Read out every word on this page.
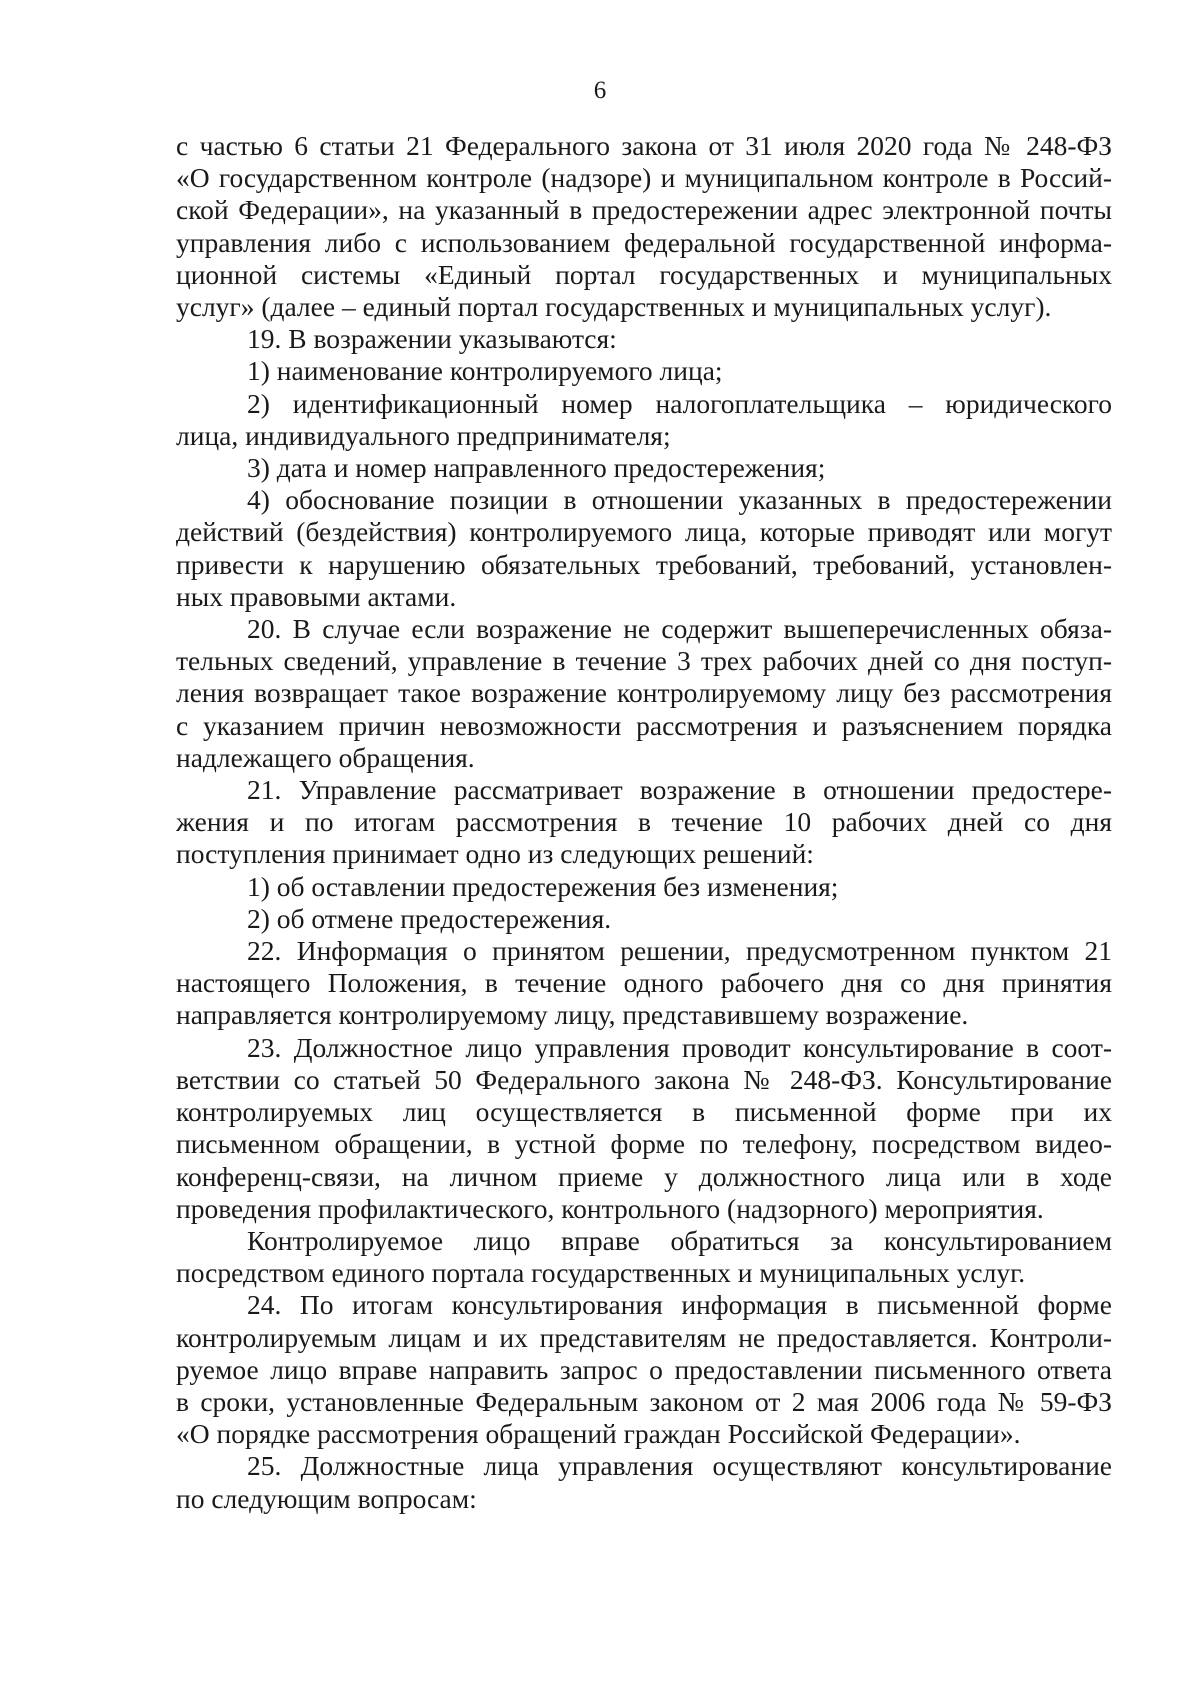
6
с частью 6 статьи 21 Федерального закона от 31 июля 2020 года № 248-ФЗ
«О государственном контроле (надзоре) и муниципальном контроле в Россий-
ской Федерации», на указанный в предостережении адрес электронной почты
управления либо с использованием федеральной государственной информа-
ционной системы «Единый портал государственных и муниципальных
услуг» (далее – единый портал государственных и муниципальных услуг).
19. В возражении указываются:
1) наименование контролируемого лица;
2) идентификационный номер налогоплательщика – юридического
лица, индивидуального предпринимателя;
3) дата и номер направленного предостережения;
4) обоснование позиции в отношении указанных в предостережении
действий (бездействия) контролируемого лица, которые приводят или могут
привести к нарушению обязательных требований, требований, установлен-
ных правовыми актами.
20. В случае если возражение не содержит вышеперечисленных обяза-
тельных сведений, управление в течение 3 трех рабочих дней со дня поступ-
ления возвращает такое возражение контролируемому лицу без рассмотрения
с указанием причин невозможности рассмотрения и разъяснением порядка
надлежащего обращения.
21. Управление рассматривает возражение в отношении предостере-
жения и по итогам рассмотрения в течение 10 рабочих дней со дня
поступления принимает одно из следующих решений:
1) об оставлении предостережения без изменения;
2) об отмене предостережения.
22. Информация о принятом решении, предусмотренном пунктом 21
настоящего Положения, в течение одного рабочего дня со дня принятия
направляется контролируемому лицу, представившему возражение.
23. Должностное лицо управления проводит консультирование в соот-
ветствии со статьей 50 Федерального закона № 248-ФЗ. Консультирование
контролируемых лиц осуществляется в письменной форме при их
письменном обращении, в устной форме по телефону, посредством видео-
конференц-связи, на личном приеме у должностного лица или в ходе
проведения профилактического, контрольного (надзорного) мероприятия.
Контролируемое лицо вправе обратиться за консультированием
посредством единого портала государственных и муниципальных услуг.
24. По итогам консультирования информация в письменной форме
контролируемым лицам и их представителям не предоставляется. Контроли-
руемое лицо вправе направить запрос о предоставлении письменного ответа
в сроки, установленные Федеральным законом от 2 мая 2006 года № 59-ФЗ
«О порядке рассмотрения обращений граждан Российской Федерации».
25. Должностные лица управления осуществляют консультирование
по следующим вопросам:
